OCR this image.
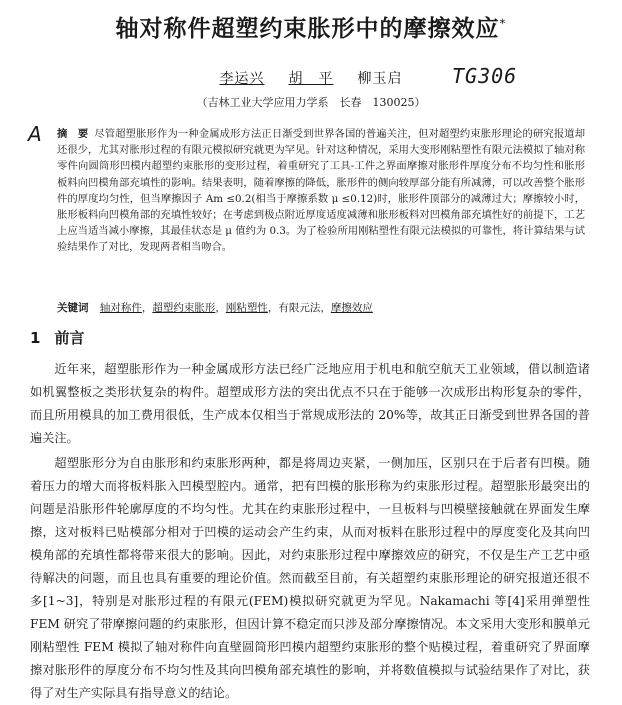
轴对称件超塑约束胀形中的摩擦效应*
李运兴 胡　平 柳玉启	TG306
（吉林工业大学应用力学系　长春　130025）
A 摘　要 尽管超塑胀形作为一种金属成形方法正日渐受到世界各国的普遍关注，但对超塑约束胀形理论的研究报道却还很少，尤其对胀形过程的有限元模拟研究就更为罕见。针对这种情况，采用大变形刚粘塑性有限元法模拟了轴对称零件向圆筒形凹模内超塑约束胀形的变形过程，着重研究了工具-工件之界面摩擦对胀形件厚度分布不均匀性和胀形板料向凹模角部充填性的影响。结果表明，随着摩擦的降低，胀形件的侧向较厚部分能有所减薄，可以改善整个胀形件的厚度均匀性，但当摩擦因子 Am ≤0.2(相当于摩擦系数 μ ≤0.12)时，胀形件顶部分的减薄过大；摩擦较小时，胀形板料向凹模角部的充填性较好；在考虑到极点附近厚度适度减薄和胀形板料对凹模角部充填性好的前提下，工艺上应当适当减小摩擦，其最佳状态是 μ 值约为 0.3。为了检验所用刚粘塑性有限元法模拟的可靠性，将计算结果与试验结果作了对比，发现两者相当吻合。
关键词 轴对称件，超塑约束胀形，刚粘塑性，有限元法，摩擦效应
1 前言

近年来，超塑胀形作为一种金属成形方法已经广泛地应用于机电和航空航天工业领域，借以制造诸如机翼整板之类形状复杂的构件。超塑成形方法的突出优点不只在于能够一次成形出构形复杂的零件，而且所用模具的加工费用很低，生产成本仅相当于常规成形法的 20%等，故其正日渐受到世界各国的普遍关注。

超塑胀形分为自由胀形和约束胀形两种，都是将周边夹紧，一侧加压，区别只在于后者有凹模。随着压力的增大而将板料胀入凹模型腔内。通常，把有凹模的胀形称为约束胀形过程。超塑胀形最突出的问题是沿胀形件轮廓厚度的不均匀性。尤其在约束胀形过程中，一旦板料与凹模壁接触就在界面发生摩擦，这对板料已贴模部分相对于凹模的运动会产生约束，从而对板料在胀形过程中的厚度变化及其向凹模角部的充填性都将带来很大的影响。因此，对约束胀形过程中摩擦效应的研究，不仅是生产工艺中亟待解决的问题，而且也具有重要的理论价值。然而截至目前，有关超塑约束胀形理论的研究报道还很不多[1~3]，特别是对胀形过程的有限元(FEM)模拟研究就更为罕见。Nakamachi 等[4]采用弹塑性 FEM 研究了带摩擦问题的约束胀形，但因计算不稳定而只涉及部分摩擦情况。本文采用大变形和膜单元刚粘塑性 FEM 模拟了轴对称件向直壁圆筒形凹模内超塑约束胀形的整个贴模过程，着重研究了界面摩擦对胀形件的厚度分布不均匀性及其向凹模角部充填性的影响，并将数值模拟与试验结果作了对比，获得了对生产实际具有指导意义的结论。
